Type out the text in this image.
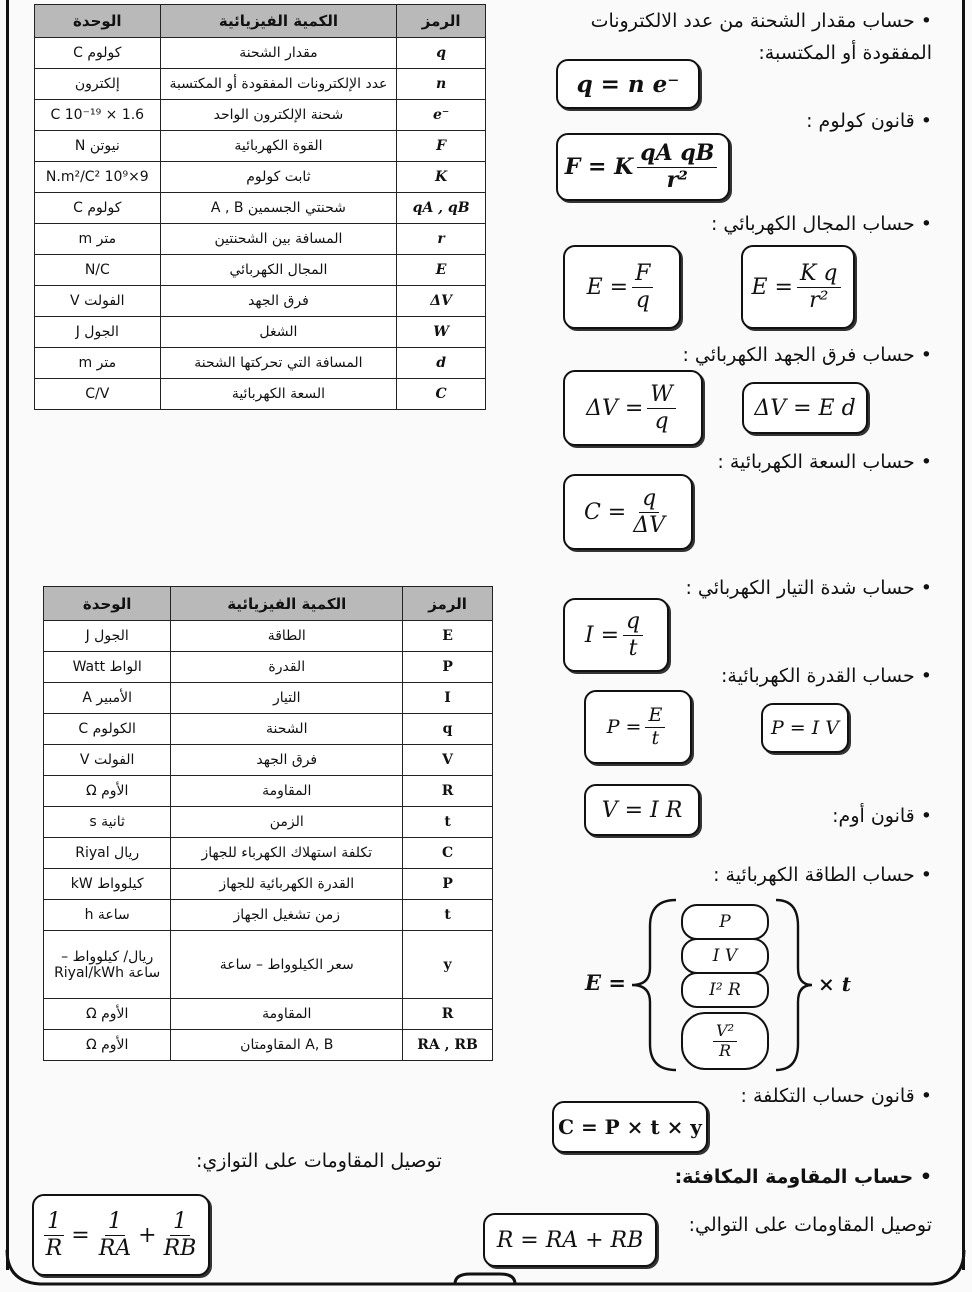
الوحدة	الكمية الفيزيائية	الرمز
كولوم C	مقدار الشحنة	q
إلكترون	عدد الإلكترونات المفقودة أو المكتسبة	n
1.6 × 10⁻¹⁹ C	شحنة الإلكترون الواحد	e⁻
نيوتن N	القوة الكهربائية	F
9×10⁹ N.m²/C²	ثابت كولوم	K
كولوم C	شحنتي الجسمين A , B	qA , qB
متر m	المسافة بين الشحنتين	r
N/C	المجال الكهربائي	E
الفولت V	فرق الجهد	ΔV
الجول J	الشغل	W
متر m	المسافة التي تحركتها الشحنة	d
C/V	السعة الكهربائية	C
الوحدة	الكمية الفيزيائية	الرمز
الجول J	الطاقة	E
الواط Watt	القدرة	P
الأمبير A	التيار	I
الكولوم C	الشحنة	q
الفولت V	فرق الجهد	V
الأوم Ω	المقاومة	R
ثانية s	الزمن	t
ريال Riyal	تكلفة استهلاك الكهرباء للجهاز	C
كيلوواط kW	القدرة الكهربائية للجهاز	P
ساعة h	زمن تشغيل الجهاز	t
ريال/ كيلوواط – ساعة Riyal/kWh	سعر الكيلوواط – ساعة	y
الأوم Ω	المقاومة	R
الأوم Ω	A, B المقاومتان	RA , RB
• حساب مقدار الشحنة من عدد الالكترونات
المفقودة أو المكتسبة:
q = n e⁻
• قانون كولوم :
F = K $\frac{\text{qA qB}}{\text{r²}}$
• حساب المجال الكهربائي :
$E = \frac{F}{q}$	$E = \frac{\text{K q}}{\text{r²}}$
• حساب فرق الجهد الكهربائي :
$\Delta V = \frac{W}{q}$	ΔV = E d
• حساب السعة الكهربائية :
$C = \frac{q}{\Delta V}$
• حساب شدة التيار الكهربائي :
$I = \frac{q}{t}$
• حساب القدرة الكهربائية:
$P = \frac{E}{t}$	P = I V
• قانون أوم:
V = I R
• حساب الطاقة الكهربائية :
E =
P
I V
I² R
$\frac{\text{V²}}{R}$
× t
• قانون حساب التكلفة :
C = P × t × y
• حساب المقاومة المكافئة:
توصيل المقاومات على التوالي:
R = RA + RB
توصيل المقاومات على التوازي:
$\frac{1}{R} = \frac{1}{RA} + \frac{1}{RB}$
